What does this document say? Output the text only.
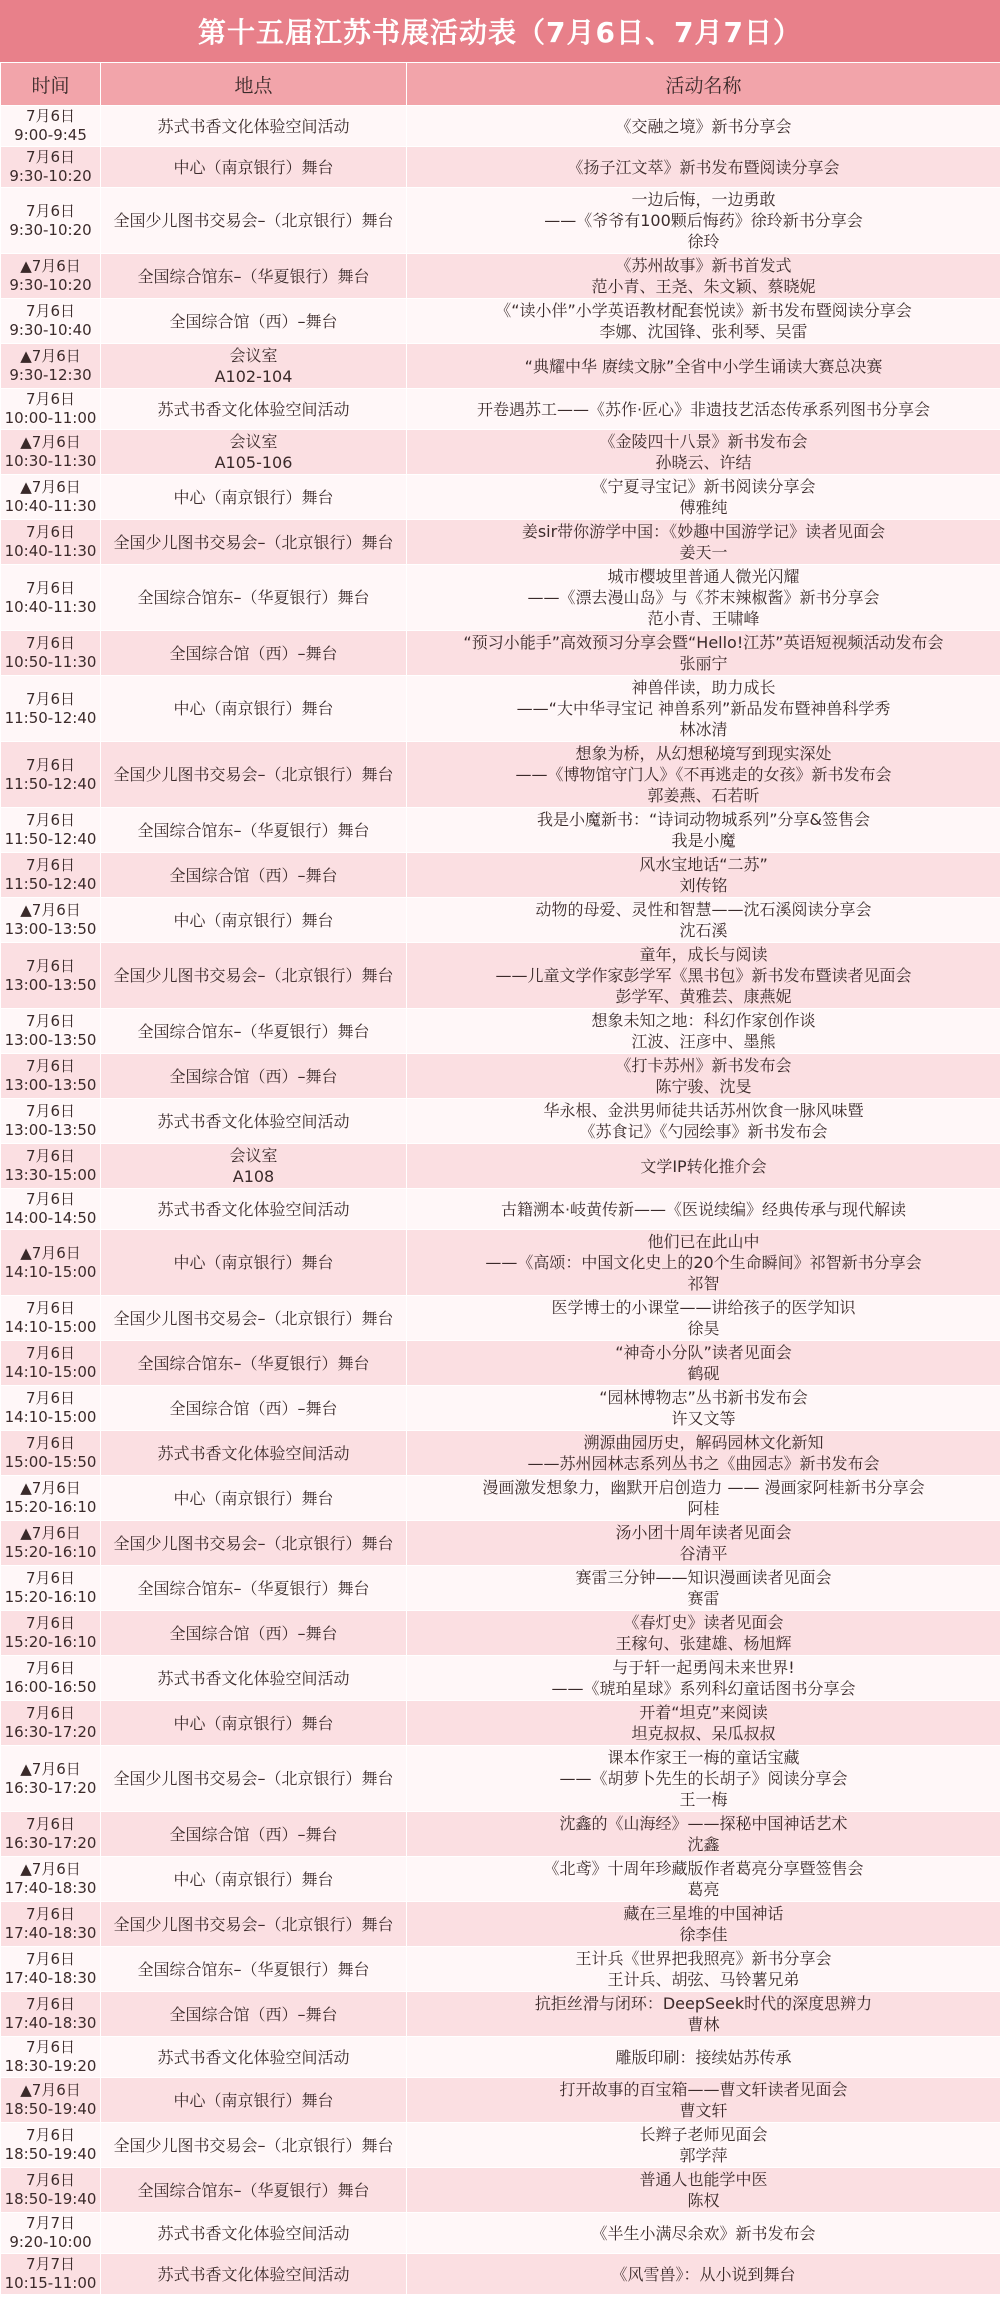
第十五届江苏书展活动表（7月6日、7月7日）
时间	地点	活动名称

7月6日
9:00-9:45	苏式书香文化体验空间活动	《交融之境》新书分享会

7月6日
9:30-10:20	中心（南京银行）舞台	《扬子江文萃》新书发布暨阅读分享会

7月6日
9:30-10:20	全国少儿图书交易会–（北京银行）舞台	一边后悔，一边勇敢
——《爷爷有100颗后悔药》徐玲新书分享会
徐玲

▲7月6日
9:30-10:20	全国综合馆东–（华夏银行）舞台	《苏州故事》新书首发式
范小青、王尧、朱文颖、蔡晓妮

7月6日
9:30-10:40	全国综合馆（西）–舞台	《“读小伴”小学英语教材配套悦读》新书发布暨阅读分享会
李娜、沈国锋、张利琴、吴雷

▲7月6日
9:30-12:30	会议室
A102-104	“典耀中华 赓续文脉”全省中小学生诵读大赛总决赛

7月6日
10:00-11:00	苏式书香文化体验空间活动	开卷遇苏工——《苏作·匠心》非遗技艺活态传承系列图书分享会

▲7月6日
10:30-11:30	会议室
A105-106	《金陵四十八景》新书发布会
孙晓云、许结

▲7月6日
10:40-11:30	中心（南京银行）舞台	《宁夏寻宝记》新书阅读分享会
傅雅纯

7月6日
10:40-11:30	全国少儿图书交易会–（北京银行）舞台	姜sir带你游学中国：《妙趣中国游学记》读者见面会
姜天一

7月6日
10:40-11:30	全国综合馆东–（华夏银行）舞台	城市樱坡里普通人微光闪耀
——《漂去漫山岛》与《芥末辣椒酱》新书分享会
范小青、王啸峰

7月6日
10:50-11:30	全国综合馆（西）–舞台	“预习小能手”高效预习分享会暨“Hello!江苏”英语短视频活动发布会
张丽宁

7月6日
11:50-12:40	中心（南京银行）舞台	神兽伴读，助力成长
——“大中华寻宝记 神兽系列”新品发布暨神兽科学秀
林冰清

7月6日
11:50-12:40	全国少儿图书交易会–（北京银行）舞台	想象为桥，从幻想秘境写到现实深处
——《博物馆守门人》《不再逃走的女孩》新书发布会
郭姜燕、石若昕

7月6日
11:50-12:40	全国综合馆东–（华夏银行）舞台	我是小魔新书：“诗词动物城系列”分享&签售会
我是小魔

7月6日
11:50-12:40	全国综合馆（西）–舞台	风水宝地话“二苏”
刘传铭

▲7月6日
13:00-13:50	中心（南京银行）舞台	动物的母爱、灵性和智慧——沈石溪阅读分享会
沈石溪

7月6日
13:00-13:50	全国少儿图书交易会–（北京银行）舞台	童年，成长与阅读
——儿童文学作家彭学军《黑书包》新书发布暨读者见面会
彭学军、黄雅芸、康燕妮

7月6日
13:00-13:50	全国综合馆东–（华夏银行）舞台	想象未知之地：科幻作家创作谈
江波、汪彦中、墨熊

7月6日
13:00-13:50	全国综合馆（西）–舞台	《打卡苏州》新书发布会
陈宁骏、沈旻

7月6日
13:00-13:50	苏式书香文化体验空间活动	华永根、金洪男师徒共话苏州饮食一脉风味暨
《苏食记》《勺园绘事》新书发布会

7月6日
13:30-15:00	会议室
A108	文学IP转化推介会

7月6日
14:00-14:50	苏式书香文化体验空间活动	古籍溯本·岐黄传新——《医说续编》经典传承与现代解读

▲7月6日
14:10-15:00	中心（南京银行）舞台	他们已在此山中
——《高颂：中国文化史上的20个生命瞬间》祁智新书分享会
祁智

7月6日
14:10-15:00	全国少儿图书交易会–（北京银行）舞台	医学博士的小课堂——讲给孩子的医学知识
徐昊

7月6日
14:10-15:00	全国综合馆东–（华夏银行）舞台	“神奇小分队”读者见面会
鹤砚

7月6日
14:10-15:00	全国综合馆（西）–舞台	“园林博物志”丛书新书发布会
许又文等

7月6日
15:00-15:50	苏式书香文化体验空间活动	溯源曲园历史，解码园林文化新知
——苏州园林志系列丛书之《曲园志》新书发布会

▲7月6日
15:20-16:10	中心（南京银行）舞台	漫画激发想象力，幽默开启创造力 —— 漫画家阿桂新书分享会
阿桂

▲7月6日
15:20-16:10	全国少儿图书交易会–（北京银行）舞台	汤小团十周年读者见面会
谷清平

7月6日
15:20-16:10	全国综合馆东–（华夏银行）舞台	赛雷三分钟——知识漫画读者见面会
赛雷

7月6日
15:20-16:10	全国综合馆（西）–舞台	《春灯史》读者见面会
王稼句、张建雄、杨旭辉

7月6日
16:00-16:50	苏式书香文化体验空间活动	与于轩一起勇闯未来世界!
——《琥珀星球》系列科幻童话图书分享会

7月6日
16:30-17:20	中心（南京银行）舞台	开着“坦克”来阅读
坦克叔叔、呆瓜叔叔

▲7月6日
16:30-17:20	全国少儿图书交易会–（北京银行）舞台	课本作家王一梅的童话宝藏
——《胡萝卜先生的长胡子》阅读分享会
王一梅

7月6日
16:30-17:20	全国综合馆（西）–舞台	沈鑫的《山海经》——探秘中国神话艺术
沈鑫

▲7月6日
17:40-18:30	中心（南京银行）舞台	《北鸢》十周年珍藏版作者葛亮分享暨签售会
葛亮

7月6日
17:40-18:30	全国少儿图书交易会–（北京银行）舞台	藏在三星堆的中国神话
徐李佳

7月6日
17:40-18:30	全国综合馆东–（华夏银行）舞台	王计兵《世界把我照亮》新书分享会
王计兵、胡弦、马铃薯兄弟

7月6日
17:40-18:30	全国综合馆（西）–舞台	抗拒丝滑与闭环：DeepSeek时代的深度思辨力
曹林

7月6日
18:30-19:20	苏式书香文化体验空间活动	雕版印刷：接续姑苏传承

▲7月6日
18:50-19:40	中心（南京银行）舞台	打开故事的百宝箱——曹文轩读者见面会
曹文轩

7月6日
18:50-19:40	全国少儿图书交易会–（北京银行）舞台	长辫子老师见面会
郭学萍

7月6日
18:50-19:40	全国综合馆东–（华夏银行）舞台	普通人也能学中医
陈权

7月7日
9:20-10:00	苏式书香文化体验空间活动	《半生小满尽余欢》新书发布会

7月7日
10:15-11:00	苏式书香文化体验空间活动	《风雪兽》：从小说到舞台
